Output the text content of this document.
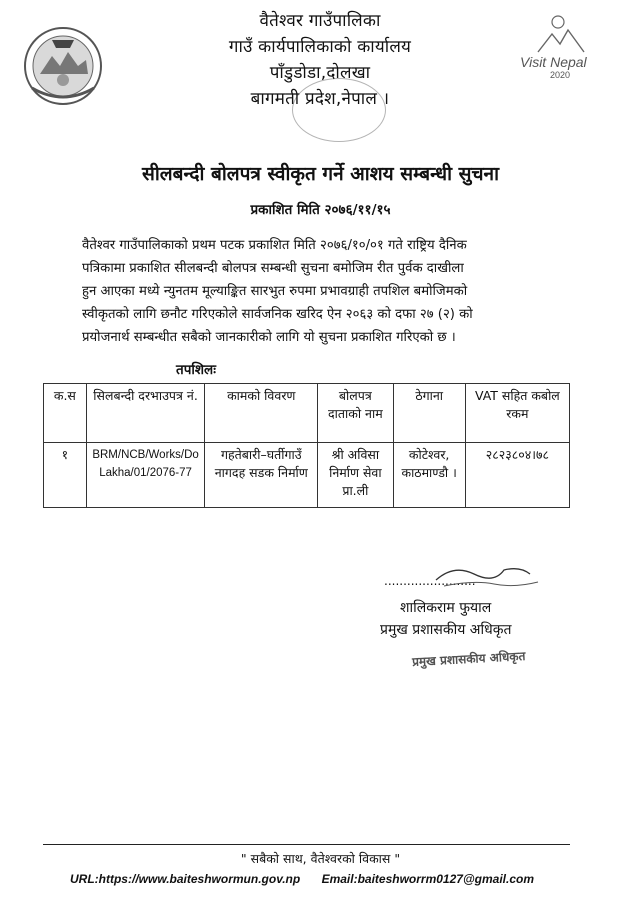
Visit Nepal
2020
वैतेश्वर गाउँपालिका
गाउँ कार्यपालिकाको कार्यालय
पाँडुडोडा,दोलखा
बागमती प्रदेश,नेपाल ।
सीलबन्दी बोलपत्र स्वीकृत गर्ने आशय सम्बन्धी सुचना
प्रकाशित मिति २०७६/११/१५
वैतेश्वर गाउँपालिकाको प्रथम पटक प्रकाशित मिति २०७६/१०/०१ गते राष्ट्रिय दैनिक
पत्रिकामा प्रकाशित सीलबन्दी बोलपत्र सम्बन्धी सुचना बमोजिम रीत पुर्वक दाखीला
हुन आएका मध्ये न्युनतम मूल्याङ्कित सारभुत रुपमा प्रभावग्राही तपशिल बमोजिमको
स्वीकृतको लागि छनौट गरिएकोले सार्वजनिक खरिद ऐन २०६३ को दफा २७ (२) को
प्रयोजनार्थ सम्बन्धीत सबैको जानकारीको लागि यो सुचना प्रकाशित गरिएको छ ।
तपशिलः
क.स	सिलबन्दी दरभाउपत्र नं.	कामको विवरण	बोलपत्र दाताको नाम	ठेगाना	VAT सहित कबोल रकम
१	BRM/NCB/Works/Do Lakha/01/2076-77	गहतेबारी–घर्तीगाउँ नागदह सडक निर्माण	श्री अविसा निर्माण सेवा प्रा.ली	कोटेश्वर, काठमाण्डौ ।	२८२३८०४।७८
........................
शालिकराम फुयाल
प्रमुख प्रशासकीय अधिकृत
प्रमुख प्रशासकीय अधिकृत
" सबैको साथ, वैतेश्वरको विकास "
URL:https://www.baiteshwormun.gov.np Email:baiteshworrm0127@gmail.com
